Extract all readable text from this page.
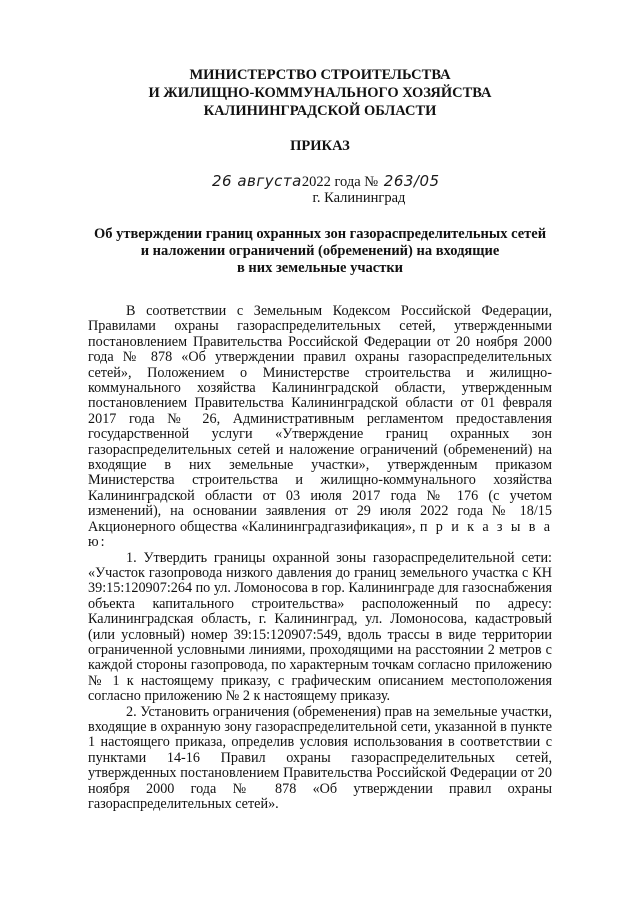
МИНИСТЕРСТВО СТРОИТЕЛЬСТВА
И ЖИЛИЩНО-КОММУНАЛЬНОГО ХОЗЯЙСТВА
КАЛИНИНГРАДСКОЙ ОБЛАСТИ
ПРИКАЗ
26 августа2022 года № 263/05
г. Калининград
Об утверждении границ охранных зон газораспределительных сетей
и наложении ограничений (обременений) на входящие
в них земельные участки

В соответствии с Земельным Кодексом Российской Федерации, Правилами охраны газораспределительных сетей, утвержденными постановлением Правительства Российской Федерации от 20 ноября 2000 года № 878 «Об утверждении правил охраны газораспределительных сетей», Положением о Министерстве строительства и жилищно-коммунального хозяйства Калининградской области, утвержденным постановлением Правительства Калининградской области от 01 февраля 2017 года № 26, Административным регламентом предоставления государственной услуги «Утверждение границ охранных зон газораспределительных сетей и наложение ограничений (обременений) на входящие в них земельные участки», утвержденным приказом Министерства строительства и жилищно-коммунального хозяйства Калининградской области от 03 июля 2017 года № 176 (с учетом изменений), на основании заявления от 29 июля 2022 года № 18/15 Акционерного общества «Калининградгазификация», п р и к а з ы в а ю:

1. Утвердить границы охранной зоны газораспределительной сети: «Участок газопровода низкого давления до границ земельного участка с КН 39:15:120907:264 по ул. Ломоносова в гор. Калининграде для газоснабжения объекта капитального строительства» расположенный по адресу: Калининградская область, г. Калининград, ул. Ломоносова, кадастровый (или условный) номер 39:15:120907:549, вдоль трассы в виде территории ограниченной условными линиями, проходящими на расстоянии 2 метров с каждой стороны газопровода, по характерным точкам согласно приложению № 1 к настоящему приказу, с графическим описанием местоположения согласно приложению № 2 к настоящему приказу.

2. Установить ограничения (обременения) прав на земельные участки, входящие в охранную зону газораспределительной сети, указанной в пункте 1 настоящего приказа, определив условия использования в соответствии с пунктами 14-16 Правил охраны газораспределительных сетей, утвержденных постановлением Правительства Российской Федерации от 20 ноября 2000 года № 878 «Об утверждении правил охраны газораспределительных сетей».
